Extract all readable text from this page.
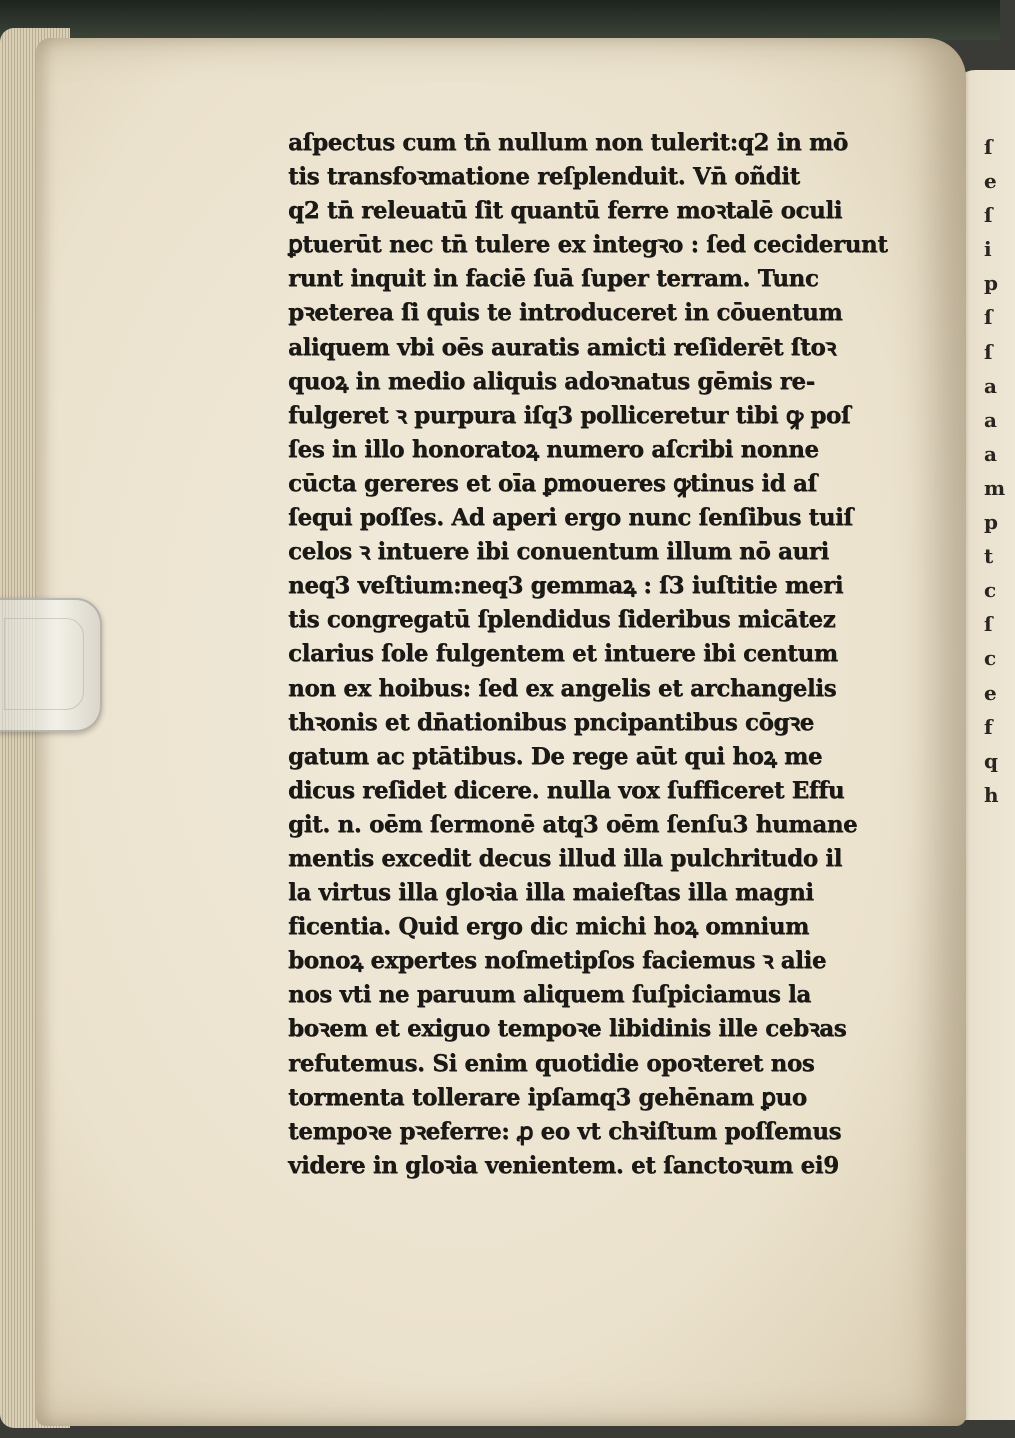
ſ
e
ſ
i
p
ſ
ſ
a
a
a
m
p
t
c
ſ
c
e
f
q
h
aſpectus cum tn̄ nullum non tulerit:q2 in mō
tis transfoꝛmatione reſplenduit. Vn̄ oñdit
q2 tn̄ releuatū ſit quantū ferre moꝛtalē oculi
ꝑtuerūt nec tn̄ tulere ex integꝛo : ſed ceciderunt
runt inquit in faciē ſuā ſuper terram. Tunc
pꝛeterea ſi quis te introduceret in cōuentum
aliquem vbi oēs auratis amicti reſiderēt ſtoꝛ
quoꝝ in medio aliquis adoꝛnatus gēmis re-
fulgeret ꝛ purpura iſq3 polliceretur tibi ꝙ poſ
ſes in illo honoratoꝝ numero aſcribi nonne
cūcta gereres et oīa ꝑmoueres ꝙtinus id aſ
ſequi poſſes. Ad aperi ergo nunc ſenſibus tuiſ
celos ꝛ intuere ibi conuentum illum nō auri
neq3 veſtium:neq3 gemmaꝝ : ſ3 iuſtitie meri
tis congregatū ſplendidus ſideribus micātez
clarius ſole fulgentem et intuere ibi centum
non ex hoibus: ſed ex angelis et archangelis
thꝛonis et dn̄ationibus pncipantibus cōgꝛe
gatum ac ptātibus. De rege aūt qui hoꝝ me
dicus reſidet dicere. nulla vox ſufficeret Effu
git. n. oēm ſermonē atq3 oēm ſenſu3 humane
mentis excedit decus illud illa pulchritudo il
la virtus illa gloꝛia illa maieſtas illa magni
ficentia. Quid ergo dic michi hoꝝ omnium
bonoꝝ expertes noſmetipſos faciemus ꝛ alie
nos vti ne paruum aliquem ſuſpiciamus la
boꝛem et exiguo tempoꝛe libidinis ille cebꝛas
refutemus. Si enim quotidie opoꝛteret nos
tormenta tollerare ipſamq3 gehēnam ꝑuo
tempoꝛe pꝛeferre: ꝓ eo vt chꝛiſtum poſſemus
videre in gloꝛia venientem. et ſanctoꝛum ei9
